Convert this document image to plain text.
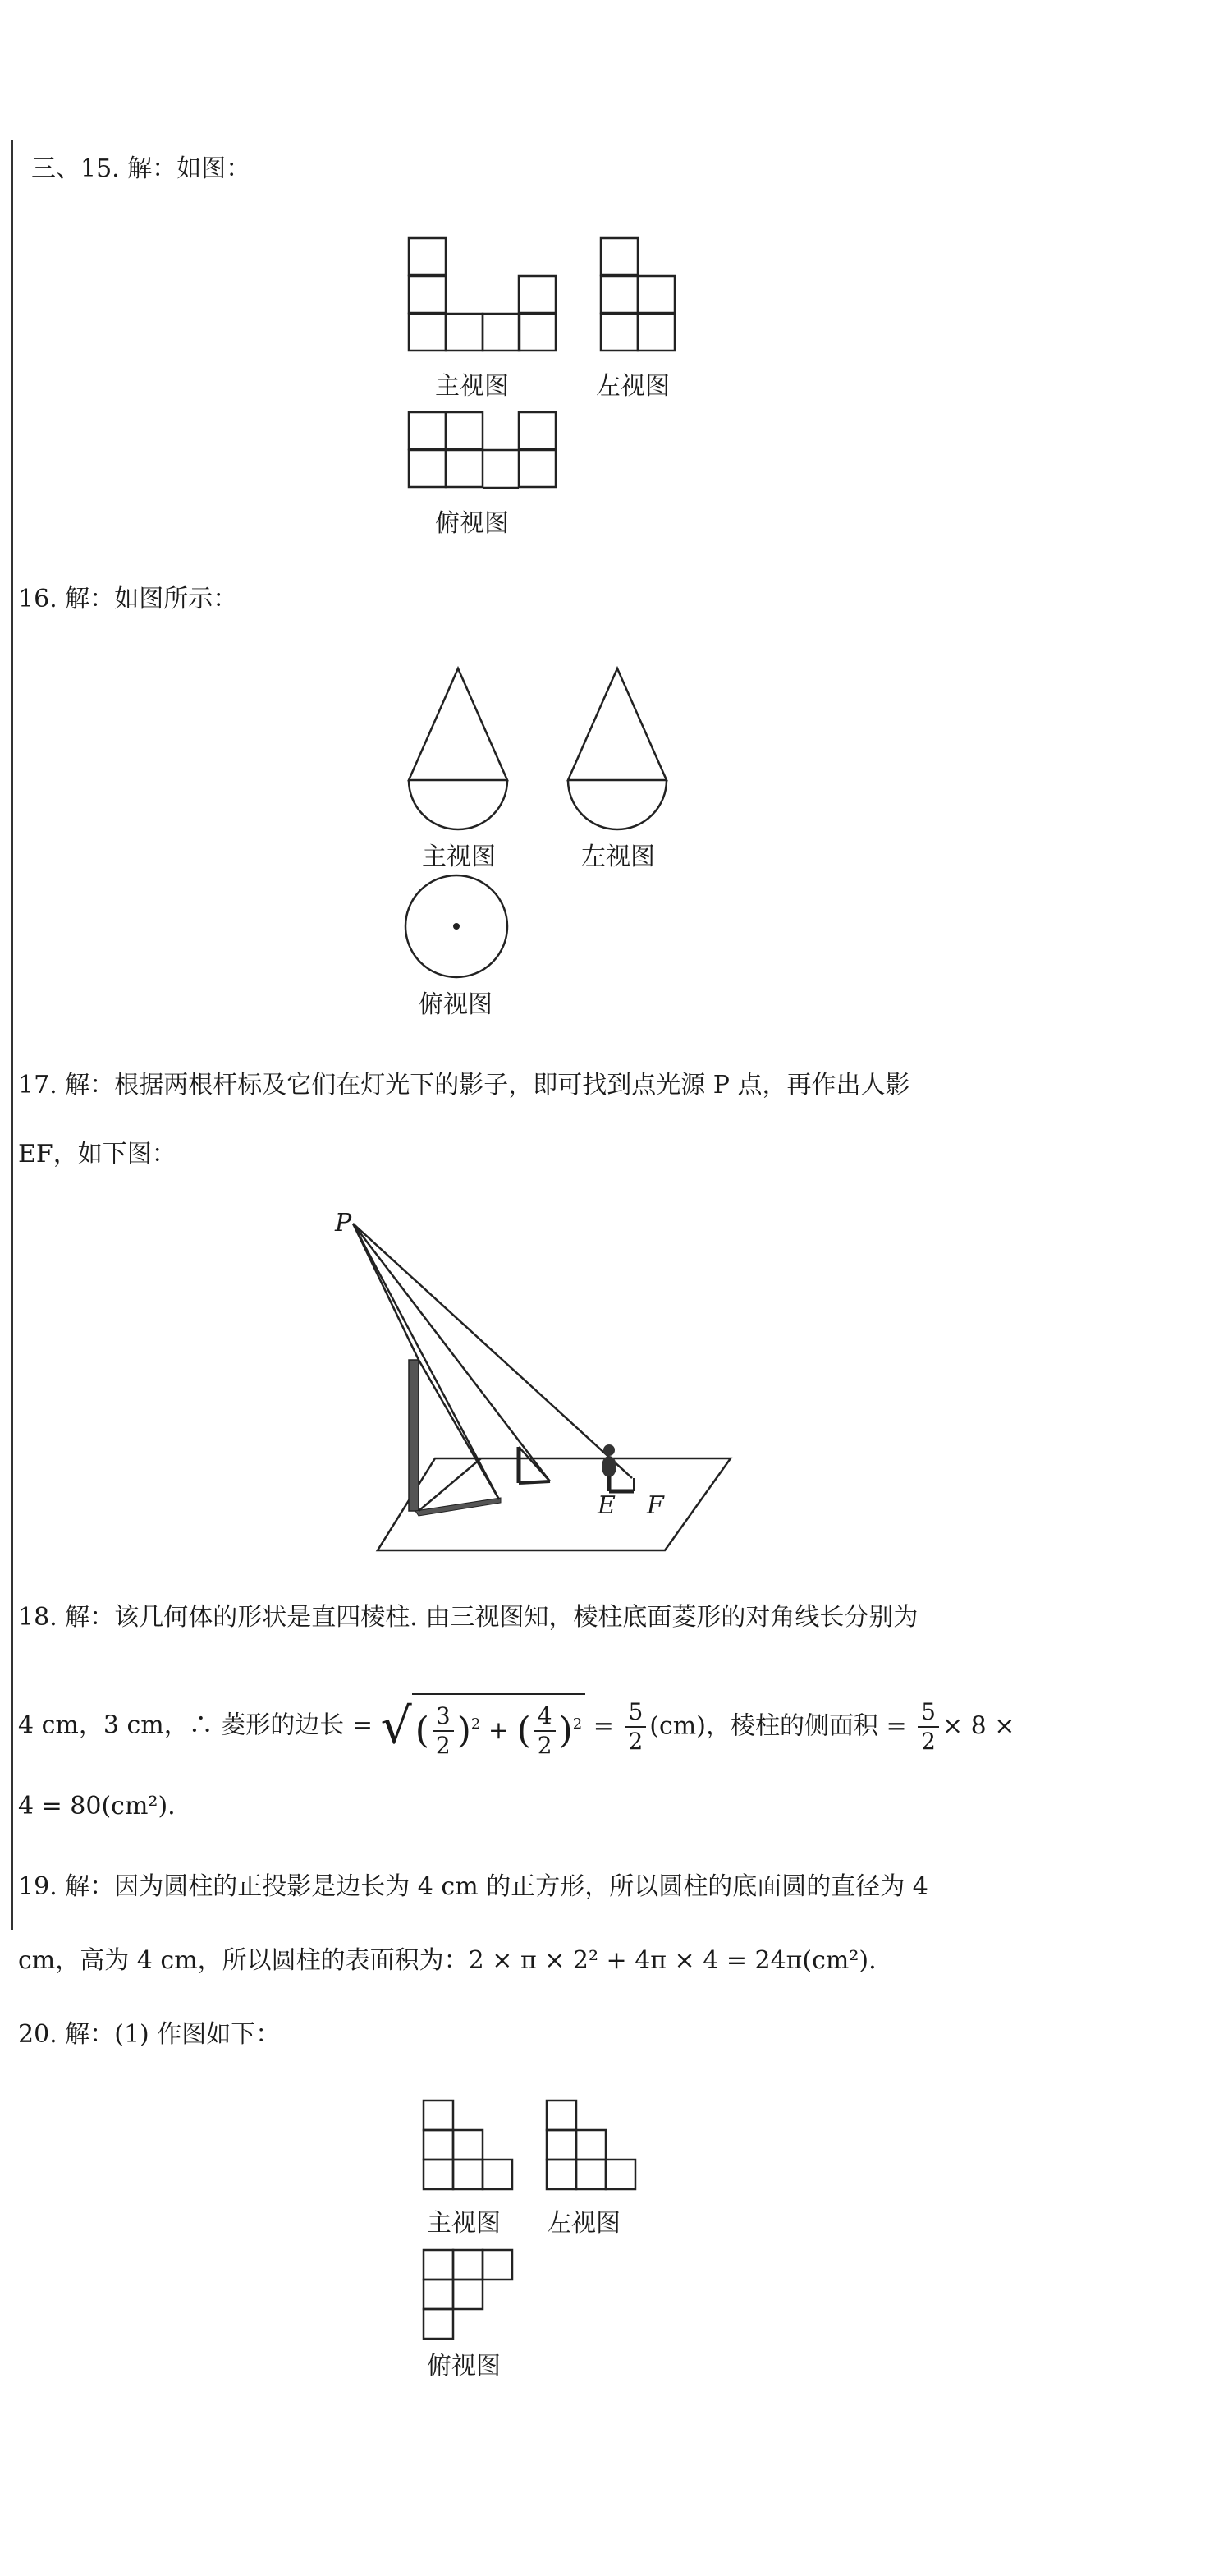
三、15. 解：如图：
主视图	左视图
俯视图
16. 解：如图所示：
主视图	左视图
俯视图
17. 解：根据两根杆标及它们在灯光下的影子，即可找到点光源 P 点，再作出人影
EF，如下图：
P
E F
18. 解：该几何体的形状是直四棱柱. 由三视图知，棱柱底面菱形的对角线长分别为
4 cm，3 cm，∴ 菱形的边长 = √( $\frac{3}{2} )^2$ + ( $\frac{4}{2} )^2 = \frac{5}{2} (cm)$，棱柱的侧面积 = $\frac{5}{2} \times 8$ ×
4 = 80(cm²).
19. 解：因为圆柱的正投影是边长为 4 cm 的正方形，所以圆柱的底面圆的直径为 4
cm，高为 4 cm，所以圆柱的表面积为：2 × π × 2² + 4π × 4 = 24π(cm²).
20. 解：(1) 作图如下：
主视图 左视图
俯视图
